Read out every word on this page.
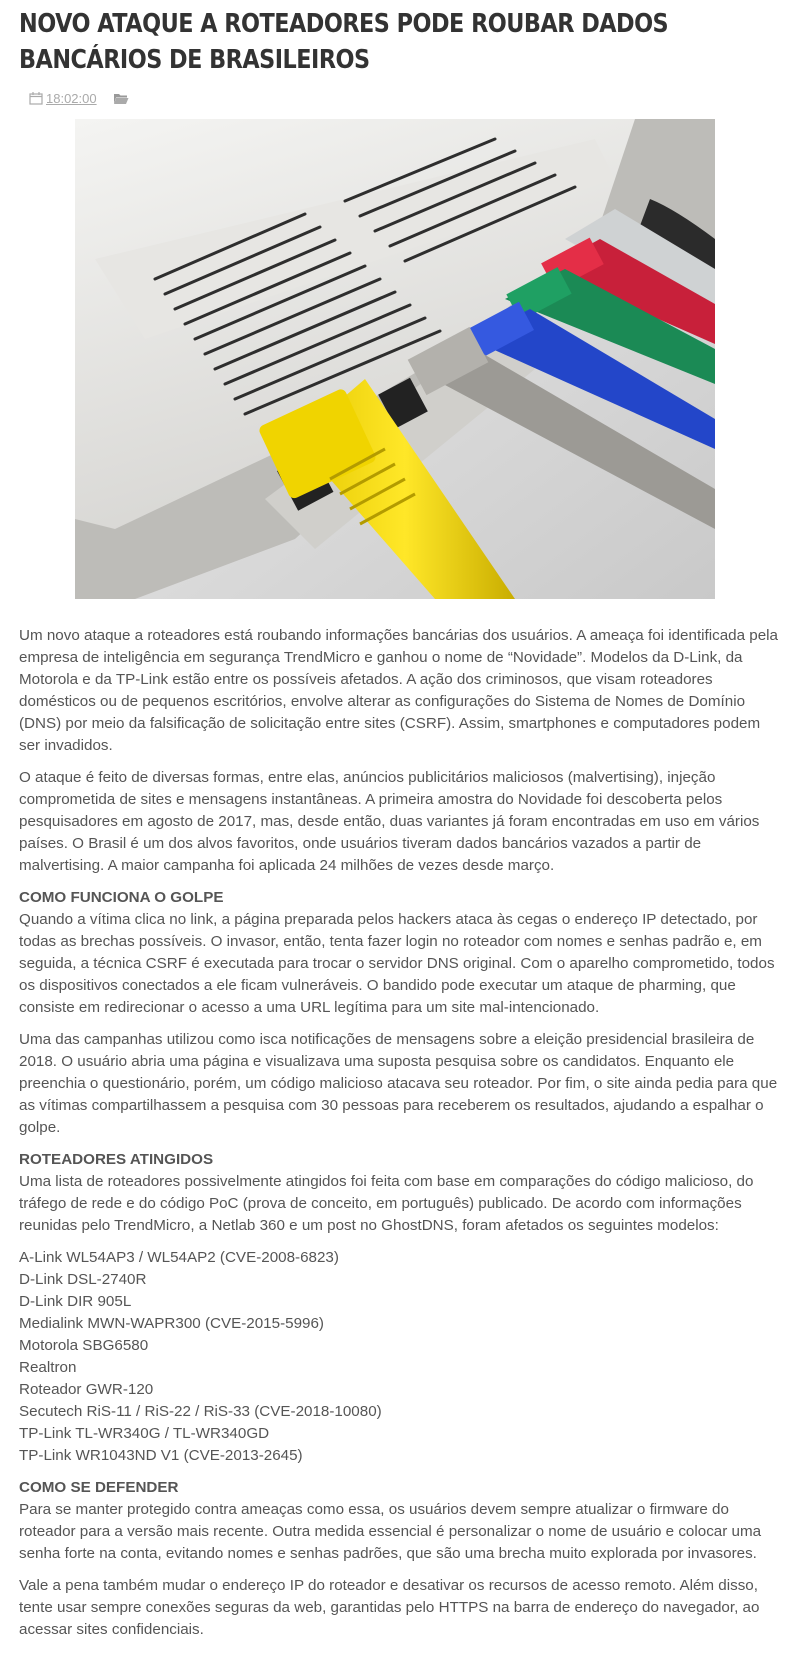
NOVO ATAQUE A ROTEADORES PODE ROUBAR DADOS BANCÁRIOS DE BRASILEIROS
18:02:00

Um novo ataque a roteadores está roubando informações bancárias dos usuários. A ameaça foi identificada pela empresa de inteligência em segurança TrendMicro e ganhou o nome de “Novidade”. Modelos da D-Link, da Motorola e da TP-Link estão entre os possíveis afetados. A ação dos criminosos, que visam roteadores domésticos ou de pequenos escritórios, envolve alterar as configurações do Sistema de Nomes de Domínio (DNS) por meio da falsificação de solicitação entre sites (CSRF). Assim, smartphones e computadores podem ser invadidos.

O ataque é feito de diversas formas, entre elas, anúncios publicitários maliciosos (malvertising), injeção comprometida de sites e mensagens instantâneas. A primeira amostra do Novidade foi descoberta pelos pesquisadores em agosto de 2017, mas, desde então, duas variantes já foram encontradas em uso em vários países. O Brasil é um dos alvos favoritos, onde usuários tiveram dados bancários vazados a partir de malvertising. A maior campanha foi aplicada 24 milhões de vezes desde março.

COMO FUNCIONA O GOLPE

Quando a vítima clica no link, a página preparada pelos hackers ataca às cegas o endereço IP detectado, por todas as brechas possíveis. O invasor, então, tenta fazer login no roteador com nomes e senhas padrão e, em seguida, a técnica CSRF é executada para trocar o servidor DNS original. Com o aparelho comprometido, todos os dispositivos conectados a ele ficam vulneráveis. O bandido pode executar um ataque de pharming, que consiste em redirecionar o acesso a uma URL legítima para um site mal-intencionado.

Uma das campanhas utilizou como isca notificações de mensagens sobre a eleição presidencial brasileira de 2018. O usuário abria uma página e visualizava uma suposta pesquisa sobre os candidatos. Enquanto ele preenchia o questionário, porém, um código malicioso atacava seu roteador. Por fim, o site ainda pedia para que as vítimas compartilhassem a pesquisa com 30 pessoas para receberem os resultados, ajudando a espalhar o golpe.

ROTEADORES ATINGIDOS

Uma lista de roteadores possivelmente atingidos foi feita com base em comparações do código malicioso, do tráfego de rede e do código PoC (prova de conceito, em português) publicado. De acordo com informações reunidas pelo TrendMicro, a Netlab 360 e um post no GhostDNS, foram afetados os seguintes modelos:

A-Link WL54AP3 / WL54AP2 (CVE-2008-6823)
D-Link DSL-2740R
D-Link DIR 905L
Medialink MWN-WAPR300 (CVE-2015-5996)
Motorola SBG6580
Realtron
Roteador GWR-120
Secutech RiS-11 / RiS-22 / RiS-33 (CVE-2018-10080)
TP-Link TL-WR340G / TL-WR340GD
TP-Link WR1043ND V1 (CVE-2013-2645)
COMO SE DEFENDER

Para se manter protegido contra ameaças como essa, os usuários devem sempre atualizar o firmware do roteador para a versão mais recente. Outra medida essencial é personalizar o nome de usuário e colocar uma senha forte na conta, evitando nomes e senhas padrões, que são uma brecha muito explorada por invasores.

Vale a pena também mudar o endereço IP do roteador e desativar os recursos de acesso remoto. Além disso, tente usar sempre conexões seguras da web, garantidas pelo HTTPS na barra de endereço do navegador, ao acessar sites confidenciais.
